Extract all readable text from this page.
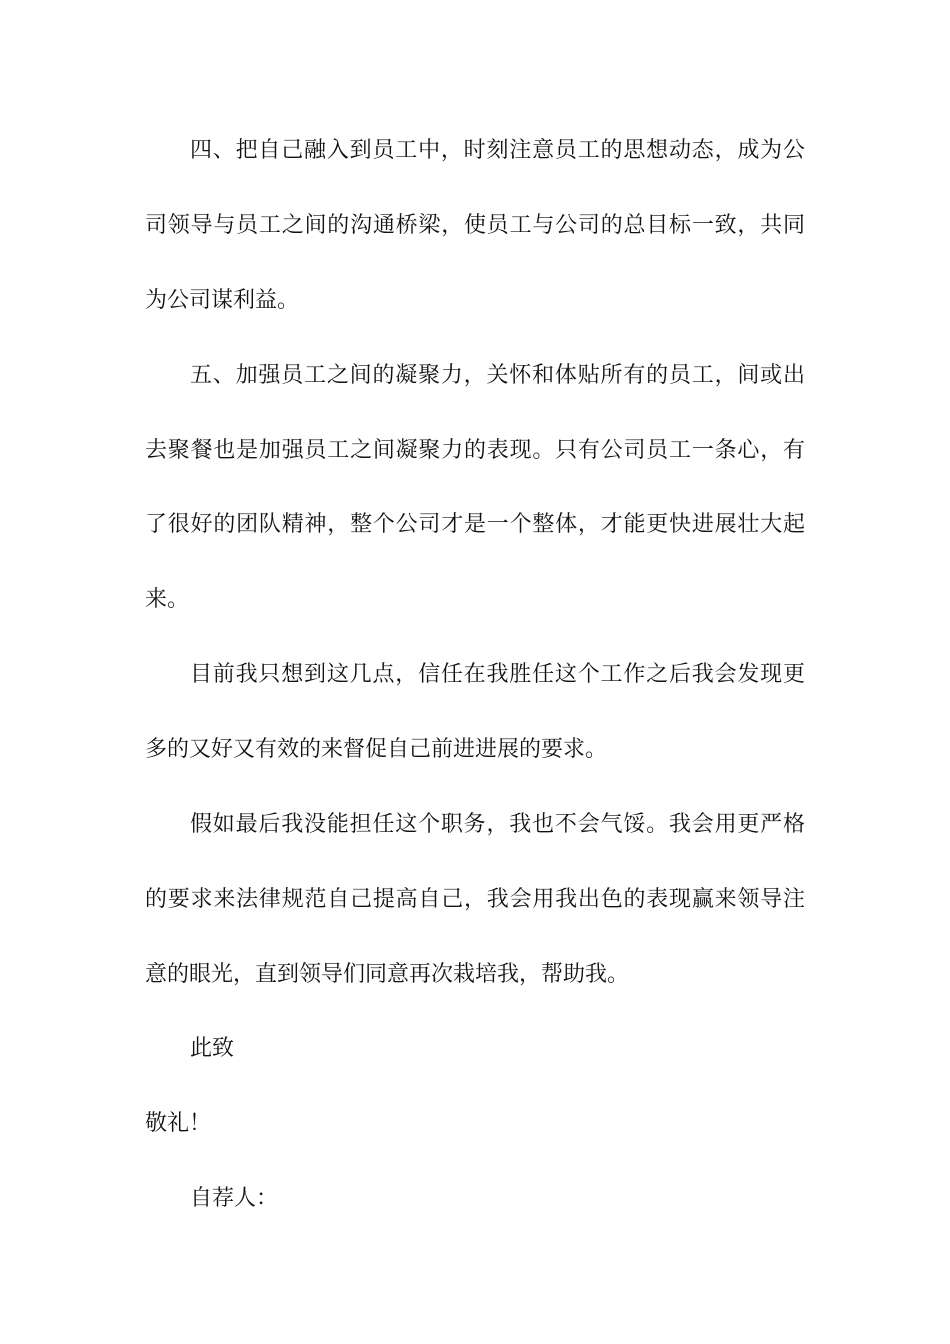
四、把自己融入到员工中，时刻注意员工的思想动态，成为公
司领导与员工之间的沟通桥梁，使员工与公司的总目标一致，共同
为公司谋利益。
五、加强员工之间的凝聚力，关怀和体贴所有的员工，间或出
去聚餐也是加强员工之间凝聚力的表现。只有公司员工一条心，有
了很好的团队精神，整个公司才是一个整体，才能更快进展壮大起
来。
目前我只想到这几点，信任在我胜任这个工作之后我会发现更
多的又好又有效的来督促自己前进进展的要求。
假如最后我没能担任这个职务，我也不会气馁。我会用更严格
的要求来法律规范自己提高自己，我会用我出色的表现赢来领导注
意的眼光，直到领导们同意再次栽培我，帮助我。
此致
敬礼！
自荐人：
